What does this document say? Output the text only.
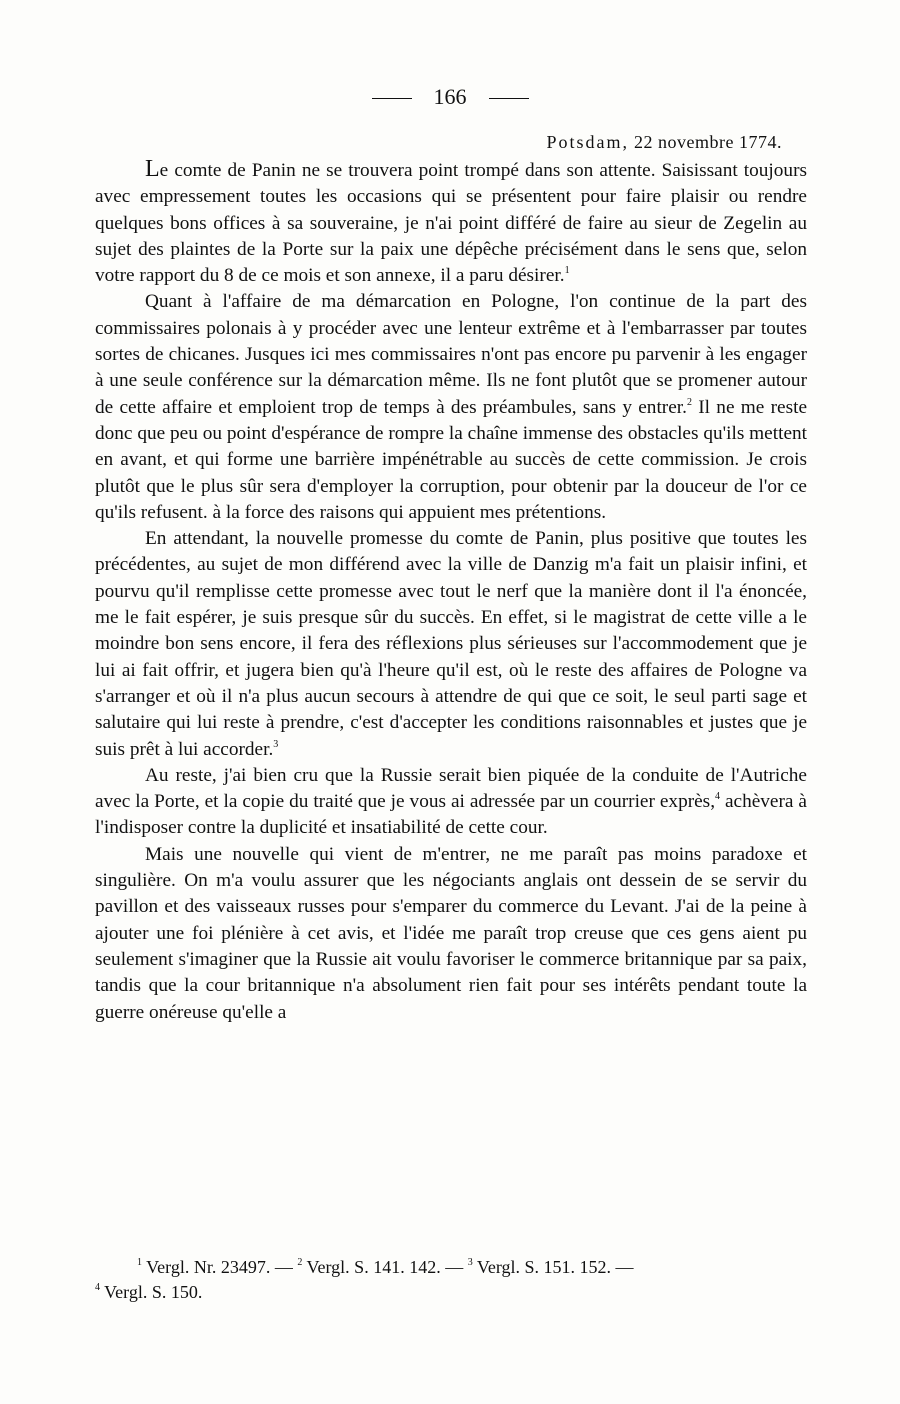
166
Potsdam, 22 novembre 1774.

Le comte de Panin ne se trouvera point trompé dans son attente. Saisissant toujours avec empressement toutes les occasions qui se présentent pour faire plaisir ou rendre quelques bons offices à sa souveraine, je n'ai point différé de faire au sieur de Zegelin au sujet des plaintes de la Porte sur la paix une dépêche précisément dans le sens que, selon votre rapport du 8 de ce mois et son annexe, il a paru désirer.$^1$

Quant à l'affaire de ma démarcation en Pologne, l'on continue de la part des commissaires polonais à y procéder avec une lenteur extrême et à l'embarrasser par toutes sortes de chicanes. Jusques ici mes commissaires n'ont pas encore pu parvenir à les engager à une seule conférence sur la démarcation même. Ils ne font plutôt que se promener autour de cette affaire et emploient trop de temps à des préambules, sans y entrer.$^2$ Il ne me reste donc que peu ou point d'espérance de rompre la chaîne immense des obstacles qu'ils mettent en avant, et qui forme une barrière impénétrable au succès de cette commission. Je crois plutôt que le plus sûr sera d'employer la corruption, pour obtenir par la douceur de l'or ce qu'ils refusent. à la force des raisons qui appuient mes prétentions.

En attendant, la nouvelle promesse du comte de Panin, plus positive que toutes les précédentes, au sujet de mon différend avec la ville de Danzig m'a fait un plaisir infini, et pourvu qu'il remplisse cette promesse avec tout le nerf que la manière dont il l'a énoncée, me le fait espérer, je suis presque sûr du succès. En effet, si le magistrat de cette ville a le moindre bon sens encore, il fera des réflexions plus sérieuses sur l'accommodement que je lui ai fait offrir, et jugera bien qu'à l'heure qu'il est, où le reste des affaires de Pologne va s'arranger et où il n'a plus aucun secours à attendre de qui que ce soit, le seul parti sage et salutaire qui lui reste à prendre, c'est d'accepter les conditions raisonnables et justes que je suis prêt à lui accorder.$^3$

Au reste, j'ai bien cru que la Russie serait bien piquée de la conduite de l'Autriche avec la Porte, et la copie du traité que je vous ai adressée par un courrier exprès,$^4$ achèvera à l'indisposer contre la duplicité et insatiabilité de cette cour.

Mais une nouvelle qui vient de m'entrer, ne me paraît pas moins paradoxe et singulière. On m'a voulu assurer que les négociants anglais ont dessein de se servir du pavillon et des vaisseaux russes pour s'emparer du commerce du Levant. J'ai de la peine à ajouter une foi plénière à cet avis, et l'idée me paraît trop creuse que ces gens aient pu seulement s'imaginer que la Russie ait voulu favoriser le commerce britannique par sa paix, tandis que la cour britannique n'a absolument rien fait pour ses intérêts pendant toute la guerre onéreuse qu'elle a

$^1$ Vergl. Nr. 23497. — $^2$ Vergl. S. 141. 142. — $^3$ Vergl. S. 151. 152. —
$^4$ Vergl. S. 150.
